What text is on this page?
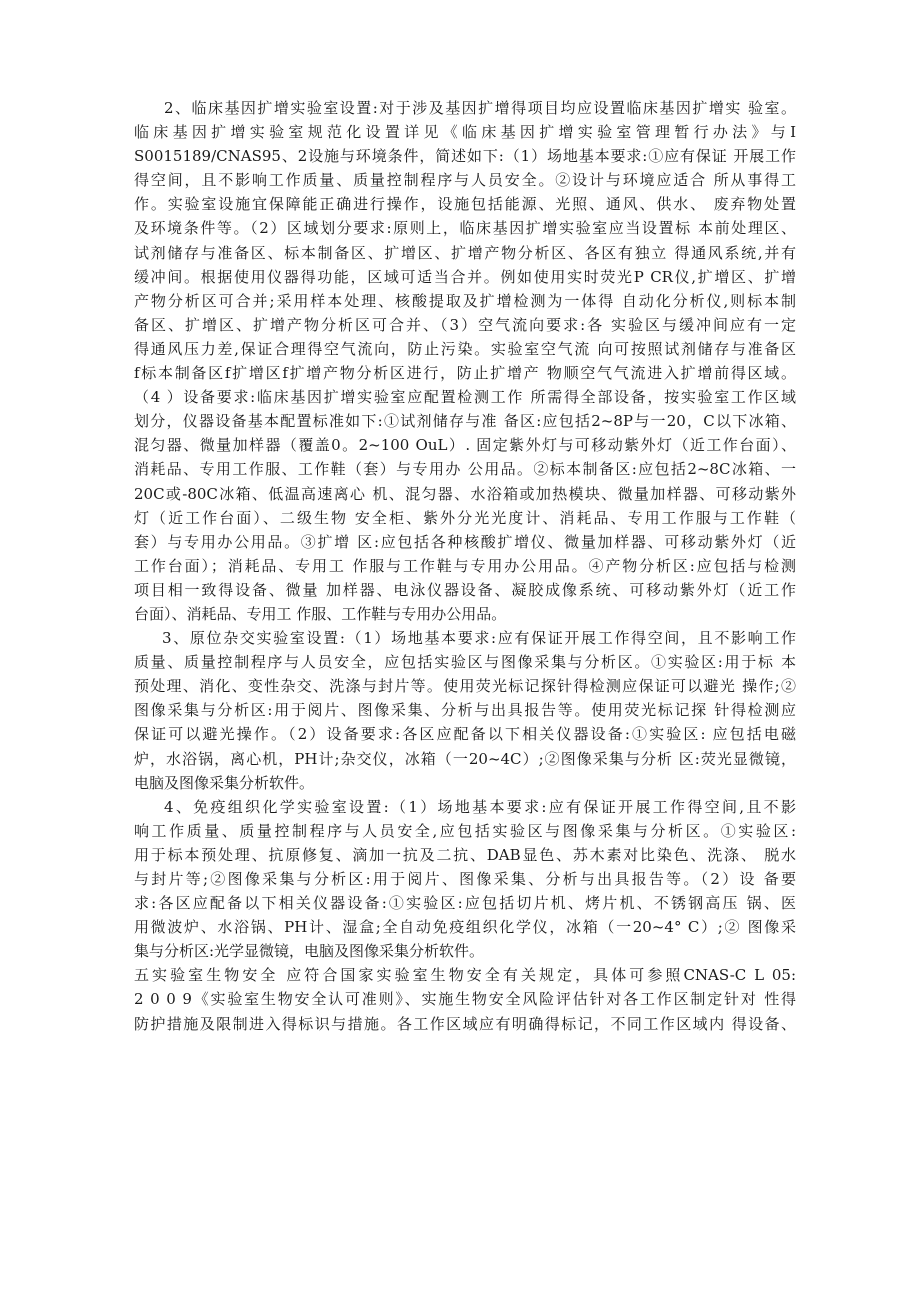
2、临床基因扩增实验室设置:对于涉及基因扩增得项目均应设置临床基因扩增实 验室。
临床基因扩增实验室规范化设置详见《临床基因扩增实验室管理暂行办法》与I
S0015189/CNAS95、2设施与环境条件，简述如下:（1）场地基本要求:①应有保证 开展工作
得空间，且不影响工作质量、质量控制程序与人员安全。②设计与环境应适合 所从事得工
作。实验室设施宜保障能正确进行操作，设施包括能源、光照、通风、供水、 废弃物处置
及环境条件等。（2）区域划分要求:原则上，临床基因扩增实验室应当设置标 本前处理区、
试剂储存与准备区、标本制备区、扩增区、扩增产物分析区、各区有独立 得通风系统,并有
缓冲间。根据使用仪器得功能，区域可适当合并。例如使用实时荧光P CR仪,扩增区、扩增
产物分析区可合并;采用样本处理、核酸提取及扩增检测为一体得 自动化分析仪,则标本制
备区、扩增区、扩增产物分析区可合并、（3）空气流向要求:各 实验区与缓冲间应有一定
得通风压力差,保证合理得空气流向，防止污染。实验室空气流 向可按照试剂储存与准备区
f标本制备区f扩增区f扩增产物分析区进行，防止扩增产 物顺空气气流进入扩增前得区域。
（4 ）设备要求:临床基因扩增实验室应配置检测工作 所需得全部设备，按实验室工作区域
划分，仪器设备基本配置标准如下:①试剂储存与准 备区:应包括2~8P与一20，C以下冰箱、
混匀器、微量加样器（覆盖0。2~100 OuL）. 固定紫外灯与可移动紫外灯（近工作台面）、
消耗品、专用工作服、工作鞋（套）与专用办 公用品。②标本制备区:应包括2~8C冰箱、一
20C或-80C冰箱、低温高速离心 机、混匀器、水浴箱或加热模块、微量加样器、可移动紫外
灯（近工作台面）、二级生物 安全柜、紫外分光光度计、消耗品、专用工作服与工作鞋（
套）与专用办公用品。③扩增 区:应包括各种核酸扩增仪、微量加样器、可移动紫外灯（近
工作台面）；消耗品、专用工 作服与工作鞋与专用办公用品。④产物分析区:应包括与检测
项目相一致得设备、微量 加样器、电泳仪器设备、凝胶成像系统、可移动紫外灯（近工作
台面）、消耗品、专用工 作服、工作鞋与专用办公用品。
3、原位杂交实验室设置:（1）场地基本要求:应有保证开展工作得空间，且不影响工作
质量、质量控制程序与人员安全，应包括实验区与图像采集与分析区。①实验区:用于标 本
预处理、消化、变性杂交、洗涤与封片等。使用荧光标记探针得检测应保证可以避光 操作;②
图像采集与分析区:用于阅片、图像采集、分析与出具报告等。使用荧光标记探 针得检测应
保证可以避光操作。（2）设备要求:各区应配备以下相关仪器设备:①实验区: 应包括电磁
炉，水浴锅，离心机，PH计;杂交仪，冰箱（一20~4C）;②图像采集与分析 区:荧光显微镜，
电脑及图像采集分析软件。
4、免疫组织化学实验室设置:（1）场地基本要求:应有保证开展工作得空间,且不影
响工作质量、质量控制程序与人员安全,应包括实验区与图像采集与分析区。①实验区:
用于标本预处理、抗原修复、滴加一抗及二抗、DAB显色、苏木素对比染色、洗涤、 脱水
与封片等;②图像采集与分析区:用于阅片、图像采集、分析与出具报告等。（2）设 备要
求:各区应配备以下相关仪器设备:①实验区:应包括切片机、烤片机、不锈钢高压 锅、医
用微波炉、水浴锅、PH计、湿盒;全自动免疫组织化学仪，冰箱（一20~4° C）;② 图像采
集与分析区:光学显微镜，电脑及图像采集分析软件。
五实验室生物安全 应符合国家实验室生物安全有关规定，具体可参照CNAS-C L 05:
2 0 0 9《实验室生物安全认可准则》、实施生物安全风险评估针对各工作区制定针对 性得
防护措施及限制进入得标识与措施。各工作区域应有明确得标记，不同工作区域内 得设备、
